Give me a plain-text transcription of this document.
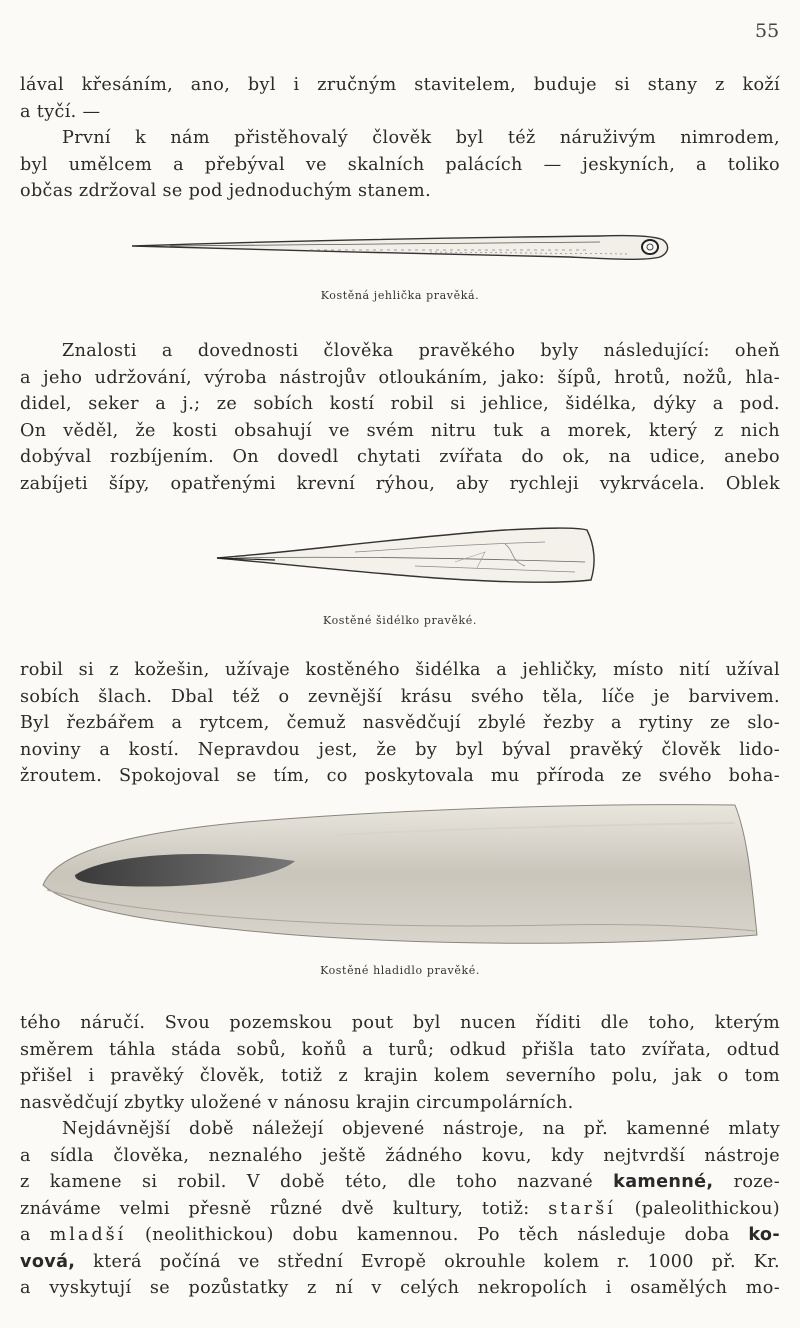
55

lával křesáním, ano, byl i zručným stavitelem, buduje si stany z koží

a tyčí. —

První k nám přistěhovalý člověk byl též náruživým nimrodem,

byl umělcem a přebýval ve skalních palácích — jeskyních, a toliko

občas zdržoval se pod jednoduchým stanem.

Kostěná jehlička pravěká.

Znalosti a dovednosti člověka pravěkého byly následující: oheň

a jeho udržování, výroba nástrojův otloukáním, jako: šípů, hrotů, nožů, hla-

didel, seker a j.; ze sobích kostí robil si jehlice, šidélka, dýky a pod.

On věděl, že kosti obsahují ve svém nitru tuk a morek, který z nich

dobýval rozbíjením. On dovedl chytati zvířata do ok, na udice, anebo

zabíjeti šípy, opatřenými krevní rýhou, aby rychleji vykrvácela. Oblek

Kostěné šidélko pravěké.

robil si z kožešin, užívaje kostěného šidélka a jehličky, místo nití užíval

sobích šlach. Dbal též o zevnější krásu svého těla, líče je barvivem.

Byl řezbářem a rytcem, čemuž nasvědčují zbylé řezby a rytiny ze slo-

noviny a kostí. Nepravdou jest, že by byl býval pravěký člověk lido-

žroutem. Spokojoval se tím, co poskytovala mu příroda ze svého boha-

Kostěné hladidlo pravěké.

tého náručí. Svou pozemskou pout byl nucen říditi dle toho, kterým

směrem táhla stáda sobů, koňů a turů; odkud přišla tato zvířata, odtud

přišel i pravěký člověk, totiž z krajin kolem severního polu, jak o tom

nasvědčují zbytky uložené v nánosu krajin circumpolárních.

Nejdávnější době náležejí objevené nástroje, na př. kamenné mlaty

a sídla člověka, neznalého ještě žádného kovu, kdy nejtvrdší nástroje

z kamene si robil. V době této, dle toho nazvané kamenné, roze-

znáváme velmi přesně různé dvě kultury, totiž: starší (paleolithickou)

a mladší (neolithickou) dobu kamennou. Po těch následuje doba ko-

vová, která počíná ve střední Evropě okrouhle kolem r. 1000 př. Kr.

a vyskytují se pozůstatky z ní v celých nekropolích i osamělých mo-
